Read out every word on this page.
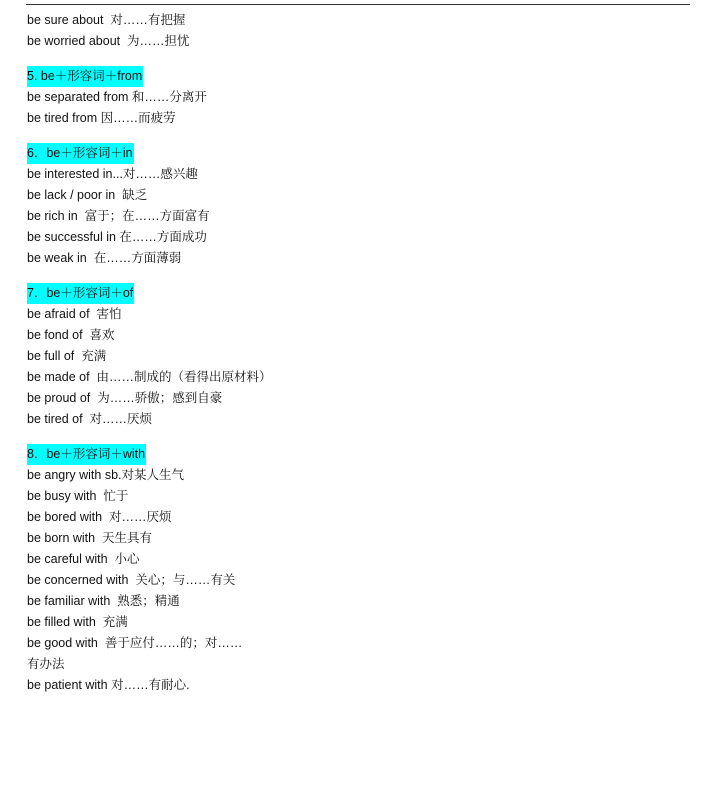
be sure about  对……有把握
be worried about  为……担忧
5. be＋形容词＋from
be separated from 和……分离开
be tired from 因……而疲劳
6．be＋形容词＋in
be interested in...对……感兴趣
be lack / poor in  缺乏
be rich in  富于；在……方面富有
be successful in 在……方面成功
be weak in  在……方面薄弱
7．be＋形容词＋of
be afraid of  害怕
be fond of  喜欢
be full of  充满
be made of  由……制成的（看得出原材料）
be proud of  为……骄傲；感到自豪
be tired of  对……厌烦
8．be＋形容词＋with
be angry with sb.对某人生气
be busy with  忙于
be bored with  对……厌烦
be born with  天生具有
be careful with  小心
be concerned with  关心；与……有关
be familiar with  熟悉；精通
be filled with  充满
be good with  善于应付……的；对……
有办法
be patient with 对……有耐心.
